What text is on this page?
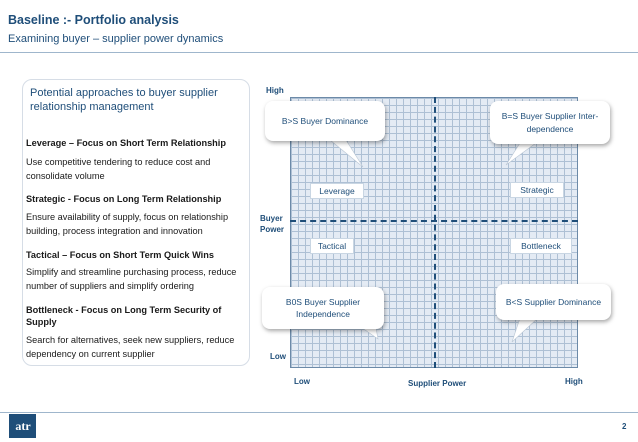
Baseline :- Portfolio analysis
Examining buyer – supplier power dynamics
Potential approaches to buyer supplier relationship management
Leverage – Focus on Short Term Relationship
Use competitive tendering to reduce cost and consolidate volume
Strategic - Focus on Long Term Relationship
Ensure availability of supply, focus on relationship building, process integration and innovation
Tactical – Focus on Short Term Quick Wins
Simplify and streamline purchasing process, reduce number of suppliers and simplify ordering
Bottleneck - Focus on Long Term Security of Supply
Search for alternatives, seek new suppliers, reduce dependency on current supplier
High
Buyer Power
Low
Low	Supplier Power	High
Leverage	Strategic
Tactical	Bottleneck
B>S Buyer Dominance	B=S Buyer Supplier Inter-dependence
B0S Buyer Supplier Independence
B<S Supplier Dominance
atr	2
